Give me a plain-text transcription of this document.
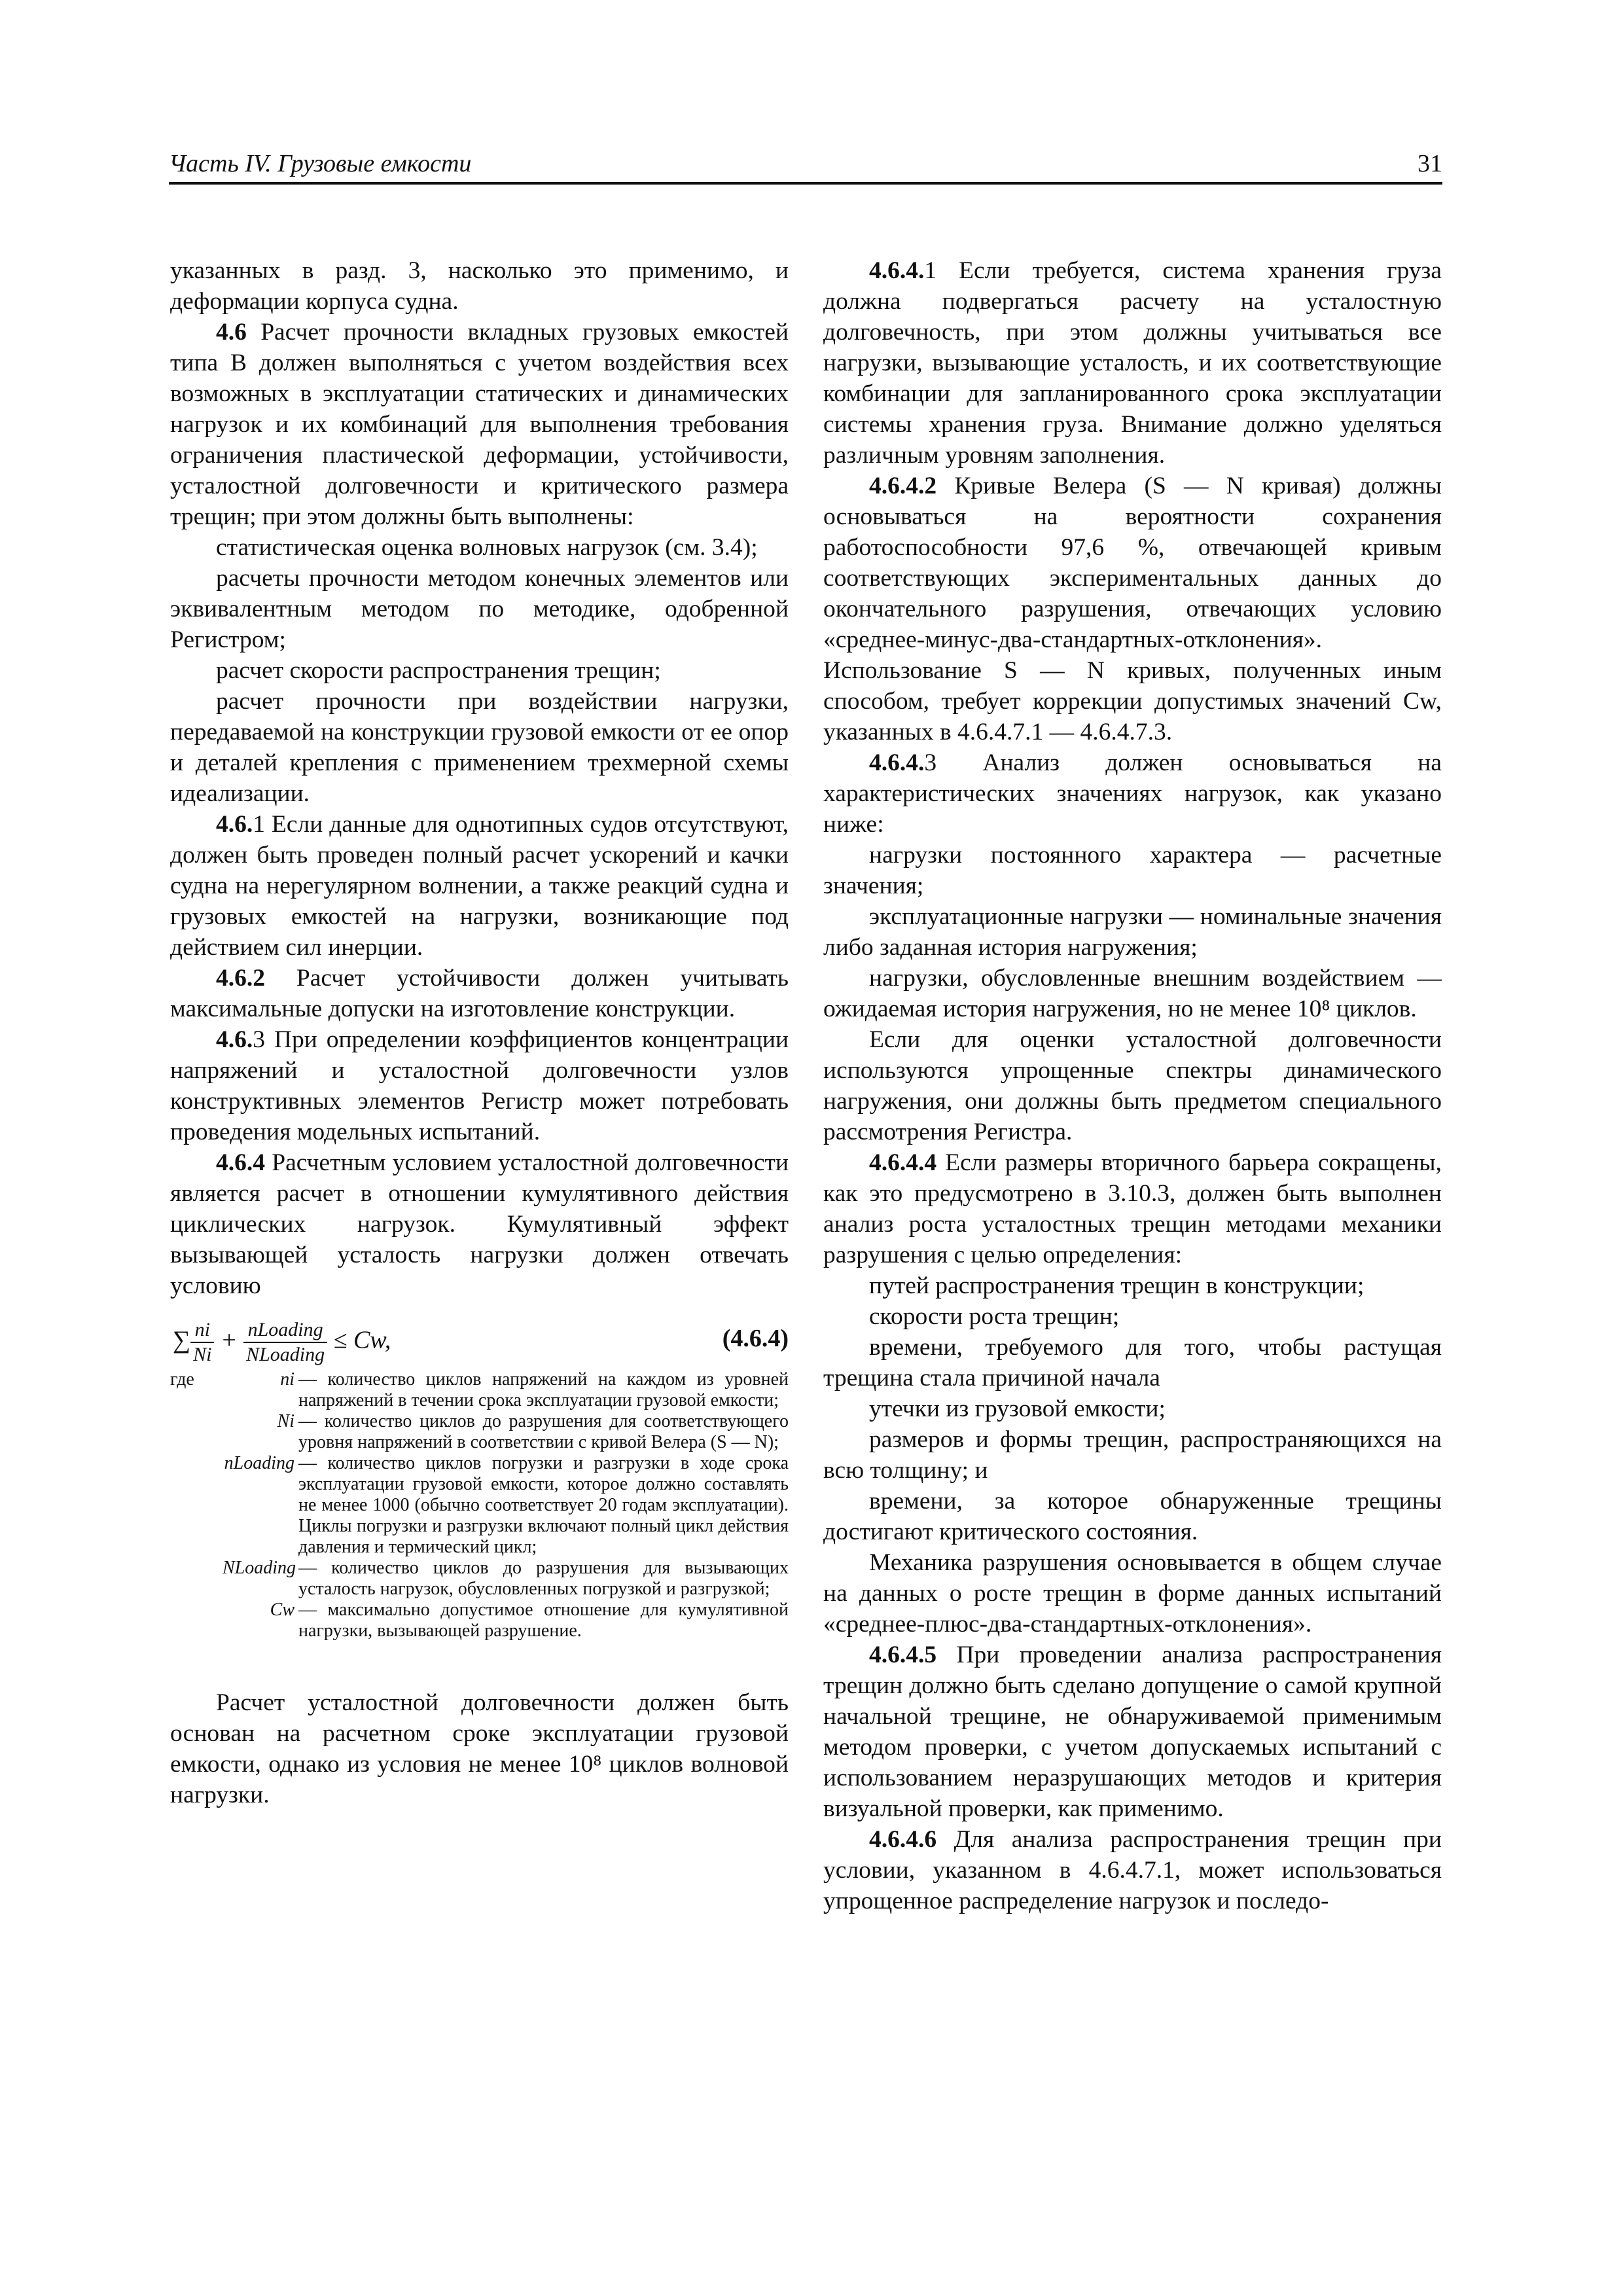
Часть IV. Грузовые емкости	31

указанных в разд. 3, насколько это применимо, и деформации корпуса судна.

4.6 Расчет прочности вкладных грузовых емкостей типа В должен выполняться с учетом воздействия всех возможных в эксплуатации статических и динамических нагрузок и их комбинаций для выполнения требования ограничения пластической деформации, устойчивости, усталостной долговечности и критического размера трещин; при этом должны быть выполнены:

статистическая оценка волновых нагрузок (см. 3.4);

расчеты прочности методом конечных элементов или эквивалентным методом по методике, одобренной Регистром;

расчет скорости распространения трещин;

расчет прочности при воздействии нагрузки, передаваемой на конструкции грузовой емкости от ее опор и деталей крепления с применением трехмерной схемы идеализации.

4.6.1 Если данные для однотипных судов отсутствуют, должен быть проведен полный расчет ускорений и качки судна на нерегулярном волнении, а также реакций судна и грузовых емкостей на нагрузки, возникающие под действием сил инерции.

4.6.2 Расчет устойчивости должен учитывать максимальные допуски на изготовление конструкции.

4.6.3 При определении коэффициентов концентрации напряжений и усталостной долговечности узлов конструктивных элементов Регистр может потребовать проведения модельных испытаний.

4.6.4 Расчетным условием усталостной долговечности является расчет в отношении кумулятивного действия циклических нагрузок. Кумулятивный эффект вызывающей усталость нагрузки должен отвечать условию

∑ $\frac{ni}{Ni}$ + nLoading
NLoading
≤ Cw,	(4.6.4)
где	ni — количество циклов напряжений на каждом из уровней напряжений в течении срока эксплуатации грузовой емкости;
Ni — количество циклов до разрушения для соответствующего уровня напряжений в соответствии с кривой Велера (S — N);
nLoading — количество циклов погрузки и разгрузки в ходе срока эксплуатации грузовой емкости, которое должно составлять не менее 1000 (обычно соответствует 20 годам эксплуатации). Циклы погрузки и разгрузки включают полный цикл действия давления и термический цикл;
NLoading — количество циклов до разрушения для вызывающих усталость нагрузок, обусловленных погрузкой и разгрузкой;
Cw — максимально допустимое отношение для кумулятивной нагрузки, вызывающей разрушение.

Расчет усталостной долговечности должен быть основан на расчетном сроке эксплуатации грузовой емкости, однако из условия не менее 10⁸ циклов волновой нагрузки.

4.6.4.1 Если требуется, система хранения груза должна подвергаться расчету на усталостную долговечность, при этом должны учитываться все нагрузки, вызывающие усталость, и их соответствующие комбинации для запланированного срока эксплуатации системы хранения груза. Внимание должно уделяться различным уровням заполнения.

4.6.4.2 Кривые Велера (S — N кривая) должны основываться на вероятности сохранения работоспособности 97,6 %, отвечающей кривым соответствующих экспериментальных данных до окончательного разрушения, отвечающих условию «среднее-минус-два-стандартных-отклонения». Использование S — N кривых, полученных иным способом, требует коррекции допустимых значений Cw, указанных в 4.6.4.7.1 — 4.6.4.7.3.

4.6.4.3 Анализ должен основываться на характеристических значениях нагрузок, как указано ниже:

нагрузки постоянного характера — расчетные значения;

эксплуатационные нагрузки — номинальные значения либо заданная история нагружения;

нагрузки, обусловленные внешним воздействием — ожидаемая история нагружения, но не менее 10⁸ циклов.

Если для оценки усталостной долговечности используются упрощенные спектры динамического нагружения, они должны быть предметом специального рассмотрения Регистра.

4.6.4.4 Если размеры вторичного барьера сокращены, как это предусмотрено в 3.10.3, должен быть выполнен анализ роста усталостных трещин методами механики разрушения с целью определения:

путей распространения трещин в конструкции;

скорости роста трещин;

времени, требуемого для того, чтобы растущая трещина стала причиной начала

утечки из грузовой емкости;

размеров и формы трещин, распространяющихся на всю толщину; и

времени, за которое обнаруженные трещины достигают критического состояния.

Механика разрушения основывается в общем случае на данных о росте трещин в форме данных испытаний «среднее-плюс-два-стандартных-отклонения».

4.6.4.5 При проведении анализа распространения трещин должно быть сделано допущение о самой крупной начальной трещине, не обнаруживаемой применимым методом проверки, с учетом допускаемых испытаний с использованием неразрушающих методов и критерия визуальной проверки, как применимо.

4.6.4.6 Для анализа распространения трещин при условии, указанном в 4.6.4.7.1, может использоваться упрощенное распределение нагрузок и последо-
